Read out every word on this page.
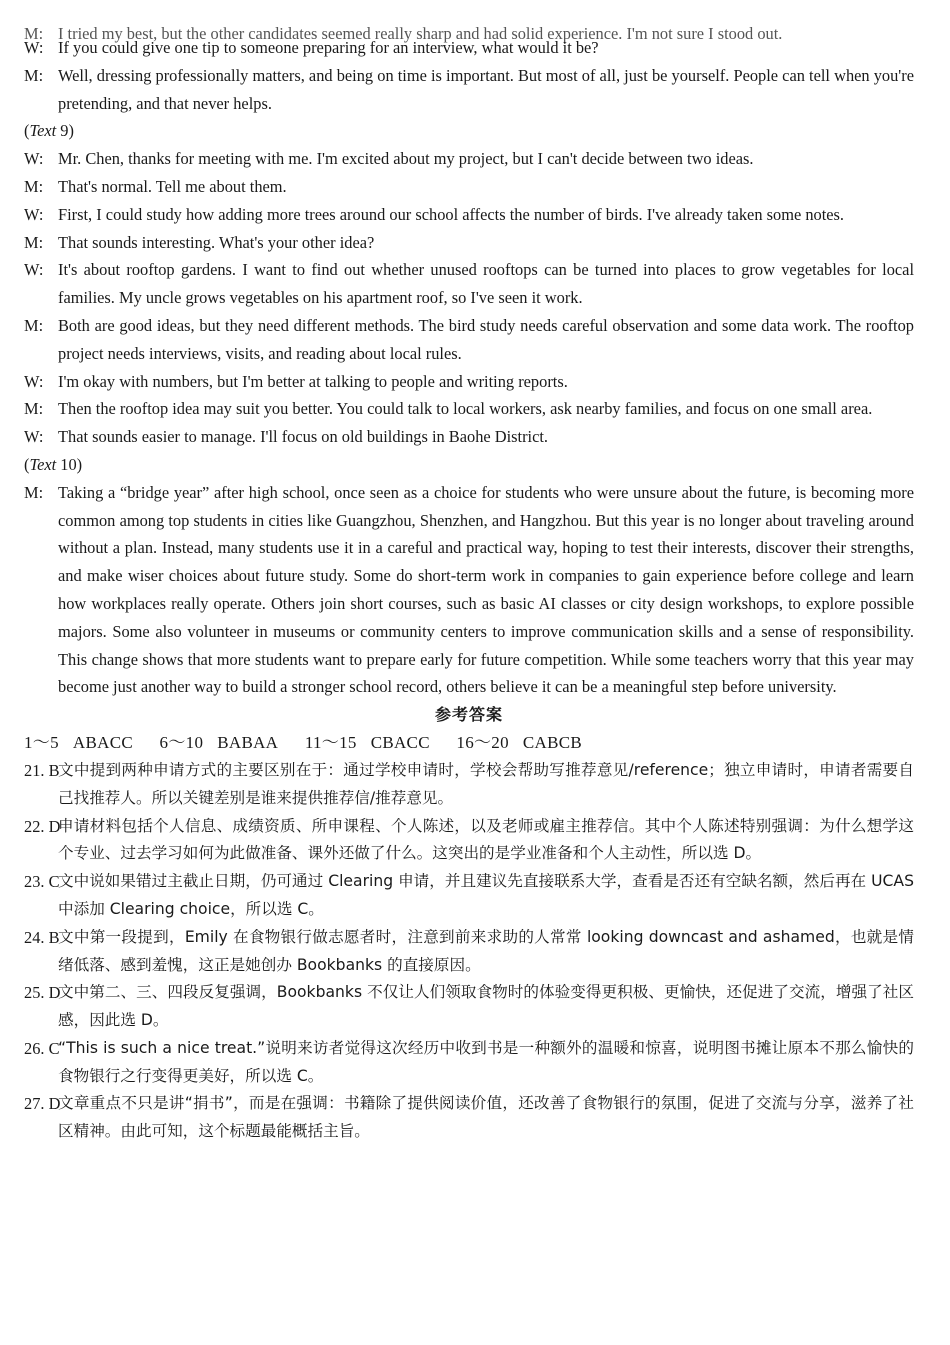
M: I tried my best, but the other candidates seemed really sharp and had solid experience. I'm not sure I stood out.
W: If you could give one tip to someone preparing for an interview, what would it be?
M: Well, dressing professionally matters, and being on time is important. But most of all, just be yourself. People can tell when you're pretending, and that never helps.
(Text 9)
W: Mr. Chen, thanks for meeting with me. I'm excited about my project, but I can't decide between two ideas.
M: That's normal. Tell me about them.
W: First, I could study how adding more trees around our school affects the number of birds. I've already taken some notes.
M: That sounds interesting. What's your other idea?
W: It's about rooftop gardens. I want to find out whether unused rooftops can be turned into places to grow vegetables for local families. My uncle grows vegetables on his apartment roof, so I've seen it work.
M: Both are good ideas, but they need different methods. The bird study needs careful observation and some data work. The rooftop project needs interviews, visits, and reading about local rules.
W: I'm okay with numbers, but I'm better at talking to people and writing reports.
M: Then the rooftop idea may suit you better. You could talk to local workers, ask nearby families, and focus on one small area.
W: That sounds easier to manage. I'll focus on old buildings in Baohe District.
(Text 10)
M: Taking a “bridge year” after high school, once seen as a choice for students who were unsure about the future, is becoming more common among top students in cities like Guangzhou, Shenzhen, and Hangzhou. But this year is no longer about traveling around without a plan. Instead, many students use it in a careful and practical way, hoping to test their interests, discover their strengths, and make wiser choices about future study. Some do short-term work in companies to gain experience before college and learn how workplaces really operate. Others join short courses, such as basic AI classes or city design workshops, to explore possible majors. Some also volunteer in museums or community centers to improve communication skills and a sense of responsibility. This change shows that more students want to prepare early for future competition. While some teachers worry that this year may become just another way to build a stronger school record, others believe it can be a meaningful step before university.
参考答案
1～5 ABACC 6～10 BABAA 11～15 CBACC 16～20 CABCB
21. B
文中提到两种申请方式的主要区别在于：通过学校申请时，学校会帮助写推荐意见/reference；独立申请时，申请者需要自己找推荐人。所以关键差别是谁来提供推荐信/推荐意见。
22. D
申请材料包括个人信息、成绩资质、所申课程、个人陈述，以及老师或雇主推荐信。其中个人陈述特别强调：为什么想学这个专业、过去学习如何为此做准备、课外还做了什么。这突出的是学业准备和个人主动性，所以选 D。
23. C
文中说如果错过主截止日期，仍可通过 Clearing 申请，并且建议先直接联系大学，查看是否还有空缺名额，然后再在 UCAS 中添加 Clearing choice，所以选 C。
24. B
文中第一段提到，Emily 在食物银行做志愿者时，注意到前来求助的人常常 looking downcast and ashamed，也就是情绪低落、感到羞愧，这正是她创办 Bookbanks 的直接原因。
25. D
文中第二、三、四段反复强调，Bookbanks 不仅让人们领取食物时的体验变得更积极、更愉快，还促进了交流，增强了社区感，因此选 D。
26. C
“This is such a nice treat.”说明来访者觉得这次经历中收到书是一种额外的温暖和惊喜，说明图书摊让原本不那么愉快的食物银行之行变得更美好，所以选 C。
27. D
文章重点不只是讲“捐书”，而是在强调：书籍除了提供阅读价值，还改善了食物银行的氛围，促进了交流与分享，滋养了社区精神。由此可知，这个标题最能概括主旨。
